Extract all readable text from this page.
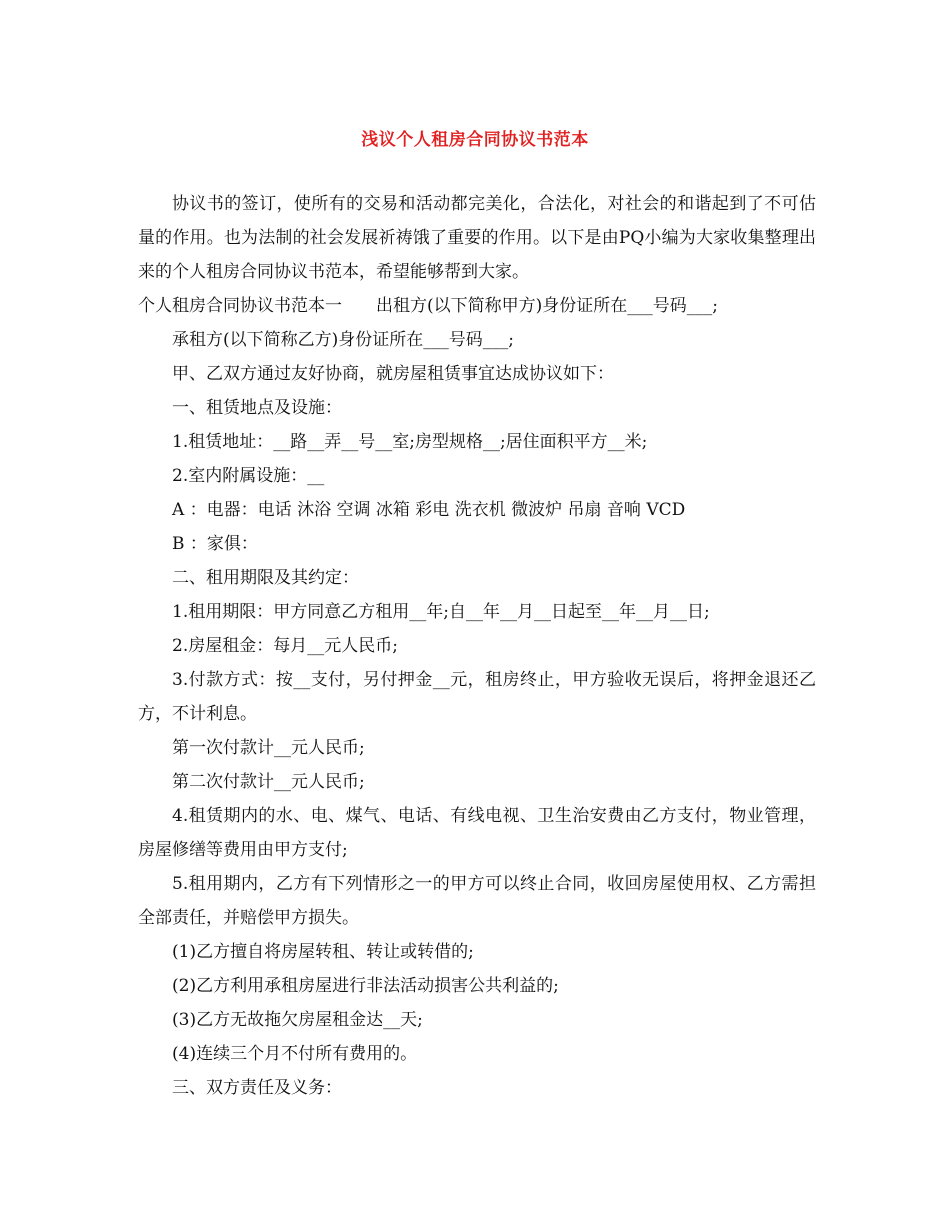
浅议个人租房合同协议书范本

协议书的签订，使所有的交易和活动都完美化，合法化，对社会的和谐起到了不可估量的作用。也为法制的社会发展祈祷饿了重要的作用。以下是由PQ小编为大家收集整理出来的个人租房合同协议书范本，希望能够帮到大家。

个人租房合同协议书范本一　　出租方(以下简称甲方)身份证所在___号码___;

承租方(以下简称乙方)身份证所在___号码___;

甲、乙双方通过友好协商，就房屋租赁事宜达成协议如下：

一、租赁地点及设施：

1.租赁地址：__路__弄__号__室;房型规格__;居住面积平方__米;

2.室内附属设施：__

A ：电器：电话 沐浴 空调 冰箱 彩电 洗衣机 微波炉 吊扇 音响 VCD

B ：家俱：

二、租用期限及其约定：

1.租用期限：甲方同意乙方租用__年;自__年__月__日起至__年__月__日;

2.房屋租金：每月__元人民币;

3.付款方式：按__支付，另付押金__元，租房终止，甲方验收无误后，将押金退还乙方，不计利息。

第一次付款计__元人民币;

第二次付款计__元人民币;

4.租赁期内的水、电、煤气、电话、有线电视、卫生治安费由乙方支付，物业管理，房屋修缮等费用由甲方支付;

5.租用期内，乙方有下列情形之一的甲方可以终止合同，收回房屋使用权、乙方需担全部责任，并赔偿甲方损失。

(1)乙方擅自将房屋转租、转让或转借的;

(2)乙方利用承租房屋进行非法活动损害公共利益的;

(3)乙方无故拖欠房屋租金达__天;

(4)连续三个月不付所有费用的。

三、双方责任及义务：
